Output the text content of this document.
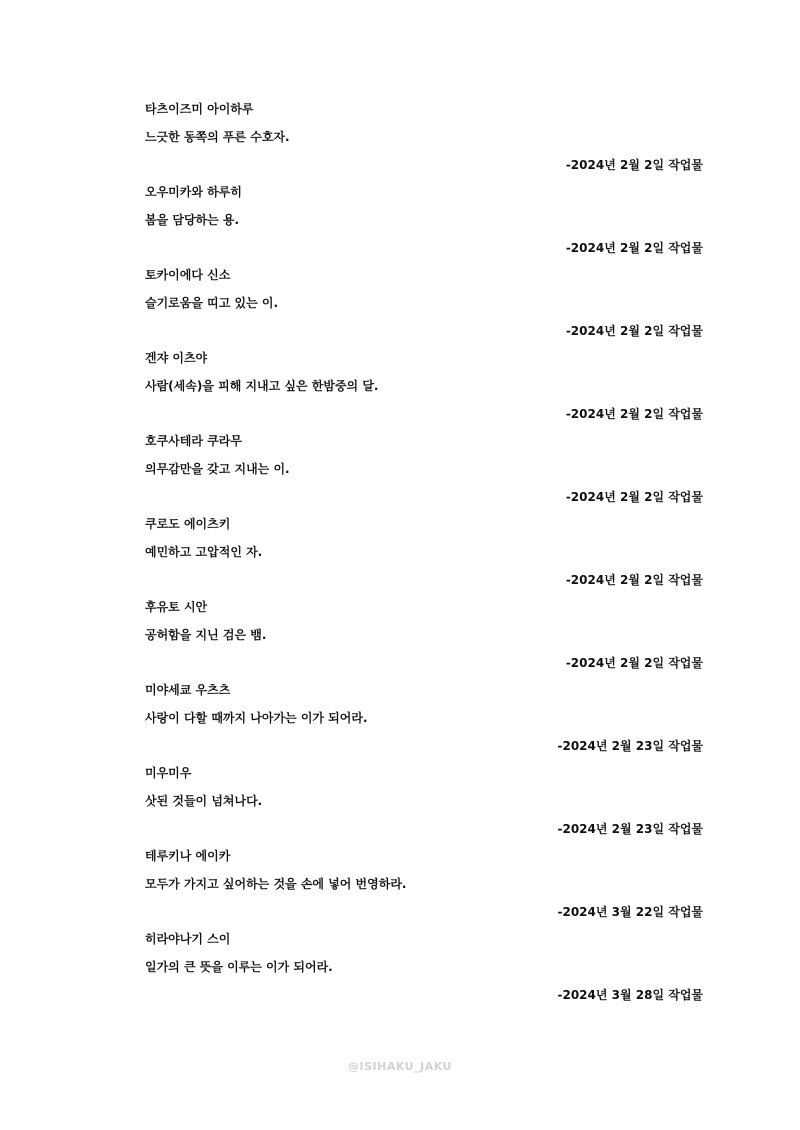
타츠이즈미 아이하루
느긋한 동쪽의 푸른 수호자.
-2024년 2월 2일 작업물
오우미카와 하루히
봄을 담당하는 용.
-2024년 2월 2일 작업물
토카이에다 신소
슬기로움을 띠고 있는 이.
-2024년 2월 2일 작업물
겐쟈 이츠야
사람(세속)을 피해 지내고 싶은 한밤중의 달.
-2024년 2월 2일 작업물
호쿠사테라 쿠라무
의무감만을 갖고 지내는 이.
-2024년 2월 2일 작업물
쿠로도 에이츠키
예민하고 고압적인 자.
-2024년 2월 2일 작업물
후유토 시안
공허함을 지닌 검은 뱀.
-2024년 2월 2일 작업물
미야세쿄 우츠츠
사랑이 다할 때까지 나아가는 이가 되어라.
-2024년 2월 23일 작업물
미우미우
삿된 것들이 넘쳐나다.
-2024년 2월 23일 작업물
테루키나 에이카
모두가 가지고 싶어하는 것을 손에 넣어 번영하라.
-2024년 3월 22일 작업물
히라야나기 스이
일가의 큰 뜻을 이루는 이가 되어라.
-2024년 3월 28일 작업물
@ISIHAKU_JAKU
